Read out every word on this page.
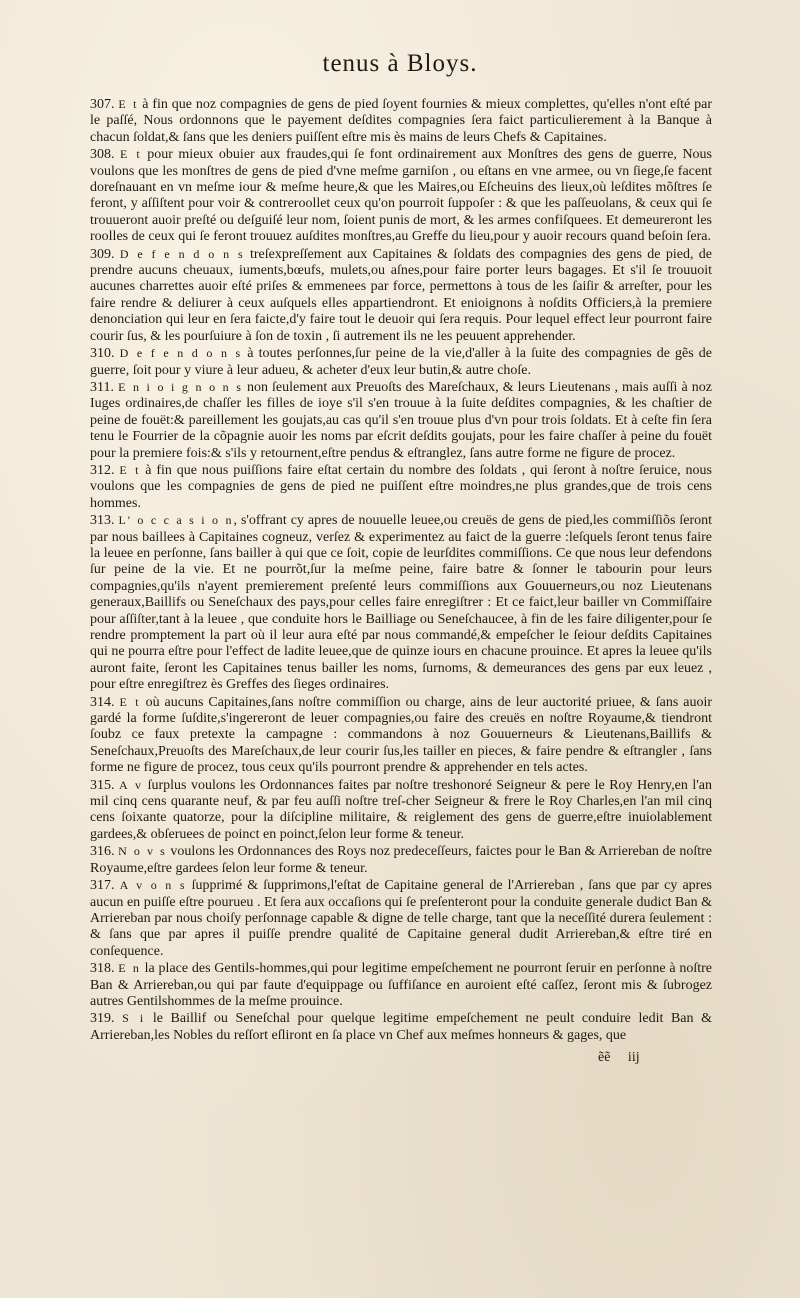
tenus à Bloys.

307. E t à fin que noz compagnies de gens de pied ſoyent fournies & mieux complettes, qu'elles n'ont eſté par le paſſé, Nous ordonnons que le payement deſdites compagnies ſera faict particulierement à la Banque à chacun ſoldat,& ſans que les deniers puiſſent eſtre mis ès mains de leurs Chefs & Capitaines.

308. E t pour mieux obuier aux fraudes,qui ſe font ordinairement aux Monſtres des gens de guerre, Nous voulons que les monſtres de gens de pied d'vne meſme garniſon , ou eſtans en vne armee, ou vn ſiege,ſe facent doreſnauant en vn meſme iour & meſme heure,& que les Maires,ou Eſcheuins des lieux,où leſdites mõſtres ſe feront, y aſſiſtent pour voir & contreroollet ceux qu'on pourroit ſuppoſer : & que les paſſeuolans, & ceux qui ſe trouueront auoir preſté ou deſguiſé leur nom, ſoient punis de mort, & les armes confiſquees. Et demeureront les roolles de ceux qui ſe feront trouuez auſdites monſtres,au Greffe du lieu,pour y auoir recours quand beſoin ſera.

309. D e f e n d o n s treſexpreſſement aux Capitaines & ſoldats des compagnies des gens de pied, de prendre aucuns cheuaux, iuments,bœufs, mulets,ou aſnes,pour faire porter leurs bagages. Et s'il ſe trouuoit aucunes charrettes auoir eſté priſes & emmenees par force, permettons à tous de les ſaiſir & arreſter, pour les faire rendre & deliurer à ceux auſquels elles appartiendront. Et enioignons à noſdits Officiers,à la premiere denonciation qui leur en ſera faicte,d'y faire tout le deuoir qui ſera requis. Pour lequel effect leur pourront faire courir ſus, & les pourſuiure à ſon de toxin , ſi autrement ils ne les peuuent apprehender.

310. D e f e n d o n s à toutes perſonnes,ſur peine de la vie,d'aller à la ſuite des compagnies de gẽs de guerre, ſoit pour y viure à leur adueu, & acheter d'eux leur butin,& autre choſe.

311. E n i o i g n o n s non ſeulement aux Preuoſts des Mareſchaux, & leurs Lieutenans , mais auſſi à noz Iuges ordinaires,de chaſſer les filles de ioye s'il s'en trouue à la ſuite deſdites compagnies, & les chaſtier de peine de fouët:& pareillement les goujats,au cas qu'il s'en trouue plus d'vn pour trois ſoldats. Et à ceſte fin ſera tenu le Fourrier de la cõpagnie auoir les noms par eſcrit deſdits goujats, pour les faire chaſſer à peine du fouët pour la premiere fois:& s'ils y retournent,eſtre pendus & eſtranglez, ſans autre forme ne figure de procez.

312. E t à fin que nous puiſſions faire eſtat certain du nombre des ſoldats , qui ſeront à noſtre ſeruice, nous voulons que les compagnies de gens de pied ne puiſſent eſtre moindres,ne plus grandes,que de trois cens hommes.

313. L' o c c a s i o n, s'offrant cy apres de nouuelle leuee,ou creuës de gens de pied,les commiſſiõs ſeront par nous baillees à Capitaines cogneuz, verſez & experimentez au faict de la guerre :leſquels ſeront tenus faire la leuee en perſonne, ſans bailler à qui que ce ſoit, copie de leurſdites commiſſions. Ce que nous leur defendons ſur peine de la vie. Et ne pourrõt,ſur la meſme peine, faire batre & ſonner le tabourin pour leurs compagnies,qu'ils n'ayent premierement preſenté leurs commiſſions aux Gouuerneurs,ou noz Lieutenans generaux,Baillifs ou Seneſchaux des pays,pour celles faire enregiſtrer : Et ce faict,leur bailler vn Commiſſaire pour aſſiſter,tant à la leuee , que conduite hors le Bailliage ou Seneſchaucee, à fin de les faire diligenter,pour ſe rendre promptement la part où il leur aura eſté par nous commandé,& empeſcher le ſeiour deſdits Capitaines qui ne pourra eſtre pour l'effect de ladite leuee,que de quinze iours en chacune prouince. Et apres la leuee qu'ils auront faite, ſeront les Capitaines tenus bailler les noms, ſurnoms, & demeurances des gens par eux leuez , pour eſtre enregiſtrez ès Greffes des ſieges ordinaires.

314. E t où aucuns Capitaines,ſans noſtre commiſſion ou charge, ains de leur auctorité priuee, & ſans auoir gardé la forme ſuſdite,s'ingereront de leuer compagnies,ou faire des creuës en noſtre Royaume,& tiendront ſoubz ce faux pretexte la campagne : commandons à noz Gouuerneurs & Lieutenans,Baillifs & Seneſchaux,Preuoſts des Mareſchaux,de leur courir ſus,les tailler en pieces, & faire pendre & eſtrangler , ſans forme ne figure de procez, tous ceux qu'ils pourront prendre & apprehender en tels actes.

315. A v ſurplus voulons les Ordonnances faites par noſtre treshonoré Seigneur & pere le Roy Henry,en l'an mil cinq cens quarante neuf, & par feu auſſi noſtre treſ-cher Seigneur & frere le Roy Charles,en l'an mil cinq cens ſoixante quatorze, pour la diſcipline militaire, & reiglement des gens de guerre,eſtre inuiolablement gardees,& obſeruees de poinct en poinct,ſelon leur forme & teneur.

316. N o v s voulons les Ordonnances des Roys noz predeceſſeurs, faictes pour le Ban & Arriereban de noſtre Royaume,eſtre gardees ſelon leur forme & teneur.

317. A v o n s ſupprimé & ſupprimons,l'eſtat de Capitaine general de l'Arriereban , ſans que par cy apres aucun en puiſſe eſtre pourueu . Et ſera aux occaſions qui ſe preſenteront pour la conduite generale dudict Ban & Arriereban par nous choiſy perſonnage capable & digne de telle charge, tant que la neceſſité durera ſeulement : & ſans que par apres il puiſſe prendre qualité de Capitaine general dudit Arriereban,& eſtre tiré en conſequence.

318. E n la place des Gentils-hommes,qui pour legitime empeſchement ne pourront ſeruir en perſonne à noſtre Ban & Arriereban,ou qui par faute d'equippage ou ſuffiſance en auroient eſté caſſez, ſeront mis & ſubrogez autres Gentilshommes de la meſme prouince.

319. S i le Baillif ou Seneſchal pour quelque legitime empeſchement ne peult conduire ledit Ban & Arriereban,les Nobles du reſſort eſliront en ſa place vn Chef aux meſmes honneurs & gages, que

ẽẽ iij
